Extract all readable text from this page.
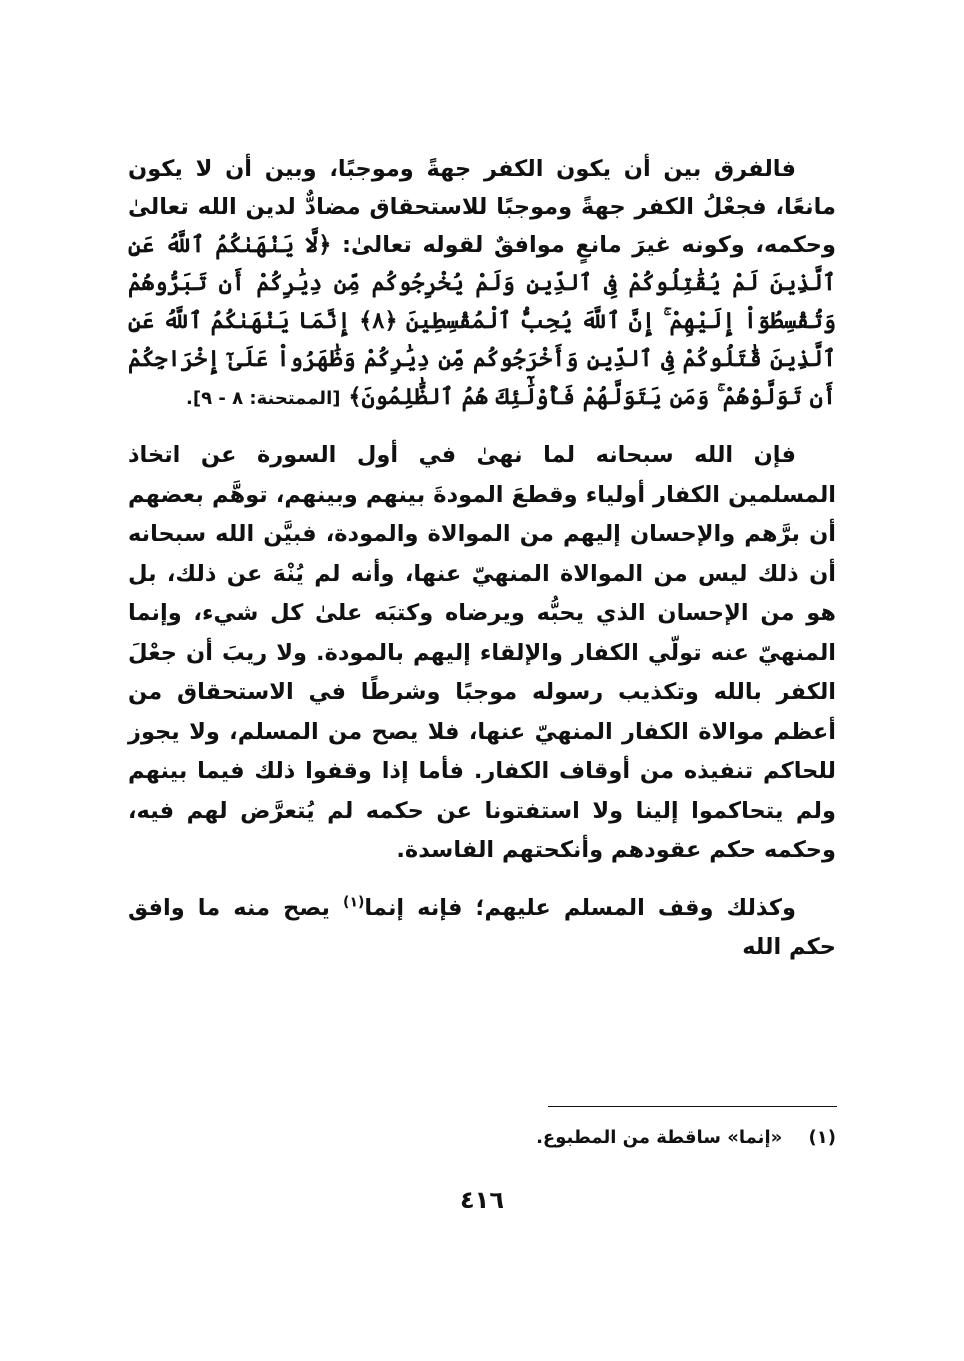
فالفرق بين أن يكون الكفر جهةً وموجبًا، وبين أن لا يكون مانعًا، فجعْلُ الكفر جهةً وموجبًا للاستحقاق مضادٌّ لدين الله تعالىٰ وحكمه، وكونه غيرَ مانعٍ موافقٌ لقوله تعالىٰ: ﴿لَّا يَنْهَىٰكُمُ ٱللَّهُ عَنِ ٱلَّذِينَ لَمْ يُقَٰتِلُوكُمْ فِى ٱلدِّينِ وَلَمْ يُخْرِجُوكُم مِّن دِيَٰرِكُمْ أَن تَبَرُّوهُمْ وَتُقْسِطُوٓاْ إِلَيْهِمْ ۚ إِنَّ ٱللَّهَ يُحِبُّ ٱلْمُقْسِطِينَ ﴿٨﴾ إِنَّمَا يَنْهَىٰكُمُ ٱللَّهُ عَنِ ٱلَّذِينَ قَٰتَلُوكُمْ فِى ٱلدِّينِ وَأَخْرَجُوكُم مِّن دِيَٰرِكُمْ وَظَٰهَرُواْ عَلَىٰٓ إِخْرَاجِكُمْ أَن تَوَلَّوْهُمْ ۚ وَمَن يَتَوَلَّهُمْ فَأُوْلَٰٓئِكَ هُمُ ٱلظَّٰلِمُونَ﴾ [الممتحنة: ٨ - ٩].

فإن الله سبحانه لما نهىٰ في أول السورة عن اتخاذ المسلمين الكفار أولياء وقطعَ المودةَ بينهم وبينهم، توهَّم بعضهم أن برَّهم والإحسان إليهم من الموالاة والمودة، فبيَّن الله سبحانه أن ذلك ليس من الموالاة المنهيّ عنها، وأنه لم يُنْهَ عن ذلك، بل هو من الإحسان الذي يحبُّه ويرضاه وكتبَه علىٰ كل شيء، وإنما المنهيّ عنه تولّي الكفار والإلقاء إليهم بالمودة. ولا ريبَ أن جعْلَ الكفر بالله وتكذيب رسوله موجبًا وشرطًا في الاستحقاق من أعظم موالاة الكفار المنهيّ عنها، فلا يصح من المسلم، ولا يجوز للحاكم تنفيذه من أوقاف الكفار. فأما إذا وقفوا ذلك فيما بينهم ولم يتحاكموا إلينا ولا استفتونا عن حكمه لم يُتعرَّض لهم فيه، وحكمه حكم عقودهم وأنكحتهم الفاسدة.

وكذلك وقف المسلم عليهم؛ فإنه إنما$^{(١)}$ يصح منه ما وافق حكم الله

(١) «إنما» ساقطة من المطبوع.
٤١٦
